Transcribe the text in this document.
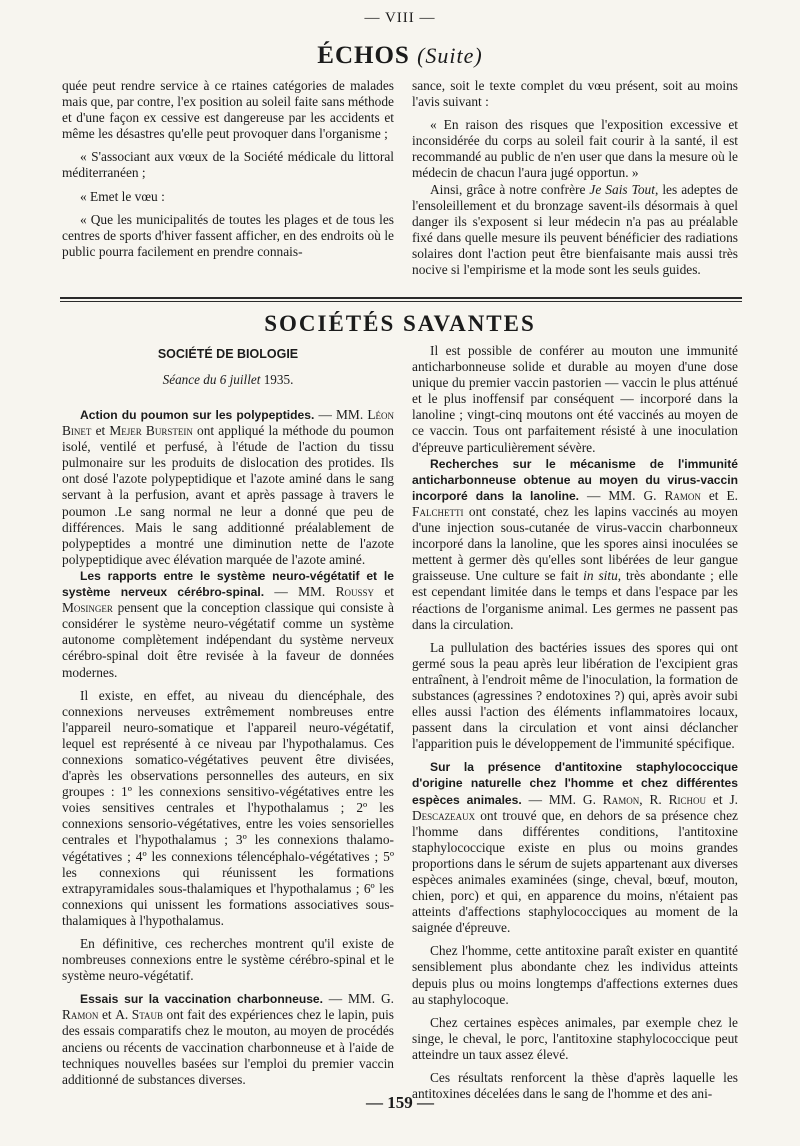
— VIII —
ÉCHOS (Suite)

quée peut rendre service à ce rtaines catégories de malades mais que, par contre, l'ex position au soleil faite sans méthode et d'une façon ex cessive est dangereuse par les accidents et même les désastres qu'elle peut provoquer dans l'organisme ;

« S'associant aux vœux de la Société médicale du littoral méditerranéen ;

« Emet le vœu :

« Que les municipalités de toutes les plages et de tous les centres de sports d'hiver fassent afficher, en des endroits où le public pourra facilement en prendre connais-

sance, soit le texte complet du vœu présent, soit au moins l'avis suivant :

« En raison des risques que l'exposition excessive et inconsidérée du corps au soleil fait courir à la santé, il est recommandé au public de n'en user que dans la mesure où le médecin de chacun l'aura jugé opportun. »

Ainsi, grâce à notre confrère Je Sais Tout, les adeptes de l'ensoleillement et du bronzage savent-ils désormais à quel danger ils s'exposent si leur médecin n'a pas au préalable fixé dans quelle mesure ils peuvent bénéficier des radiations solaires dont l'action peut être bienfaisante mais aussi très nocive si l'empirisme et la mode sont les seuls guides.

SOCIÉTÉS SAVANTES
SOCIÉTÉ DE BIOLOGIE
Séance du 6 juillet 1935.

Action du poumon sur les polypeptides. — MM. Léon Binet et Mejer Burstein ont appliqué la méthode du poumon isolé, ventilé et perfusé, à l'étude de l'action du tissu pulmonaire sur les produits de dislocation des protides. Ils ont dosé l'azote polypeptidique et l'azote aminé dans le sang servant à la perfusion, avant et après passage à travers le poumon .Le sang normal ne leur a donné que peu de différences. Mais le sang additionné préalablement de polypeptides a montré une diminution nette de l'azote polypeptidique avec élévation marquée de l'azote aminé.

Les rapports entre le système neuro-végétatif et le système nerveux cérébro-spinal. — MM. Roussy et Mosinger pensent que la conception classique qui consiste à considérer le système neuro-végétatif comme un système autonome complètement indépendant du système nerveux cérébro-spinal doit être revisée à la faveur de données modernes.

Il existe, en effet, au niveau du diencéphale, des connexions nerveuses extrêmement nombreuses entre l'appareil neuro-somatique et l'appareil neuro-végétatif, lequel est représenté à ce niveau par l'hypothalamus. Ces connexions somatico-végétatives peuvent être divisées, d'après les observations personnelles des auteurs, en six groupes : 1º les connexions sensitivo-végétatives entre les voies sensitives centrales et l'hypothalamus ; 2º les connexions sensorio-végétatives, entre les voies sensorielles centrales et l'hypothalamus ; 3º les connexions thalamo-végétatives ; 4º les connexions télencéphalo-végétatives ; 5º les connexions qui réunissent les formations extrapyramidales sous-thalamiques et l'hypothalamus ; 6º les connexions qui unissent les formations associatives sous-thalamiques à l'hypothalamus.

En définitive, ces recherches montrent qu'il existe de nombreuses connexions entre le système cérébro-spinal et le système neuro-végétatif.

Essais sur la vaccination charbonneuse. — MM. G. Ramon et A. Staub ont fait des expériences chez le lapin, puis des essais comparatifs chez le mouton, au moyen de procédés anciens ou récents de vaccination charbonneuse et à l'aide de techniques nouvelles basées sur l'emploi du premier vaccin additionné de substances diverses.

Il est possible de conférer au mouton une immunité anticharbonneuse solide et durable au moyen d'une dose unique du premier vaccin pastorien — vaccin le plus atténué et le plus inoffensif par conséquent — incorporé dans la lanoline ; vingt-cinq moutons ont été vaccinés au moyen de ce vaccin. Tous ont parfaitement résisté à une inoculation d'épreuve particulièrement sévère.

Recherches sur le mécanisme de l'immunité anticharbonneuse obtenue au moyen du virus-vaccin incorporé dans la lanoline. — MM. G. Ramon et E. Falchetti ont constaté, chez les lapins vaccinés au moyen d'une injection sous-cutanée de virus-vaccin charbonneux incorporé dans la lanoline, que les spores ainsi inoculées se mettent à germer dès qu'elles sont libérées de leur gangue graisseuse. Une culture se fait in situ, très abondante ; elle est cependant limitée dans le temps et dans l'espace par les réactions de l'organisme animal. Les germes ne passent pas dans la circulation.

La pullulation des bactéries issues des spores qui ont germé sous la peau après leur libération de l'excipient gras entraînent, à l'endroit même de l'inoculation, la formation de substances (agressines ? endotoxines ?) qui, après avoir subi elles aussi l'action des éléments inflammatoires locaux, passent dans la circulation et vont ainsi déclancher l'apparition puis le développement de l'immunité spécifique.

Sur la présence d'antitoxine staphylococcique d'origine naturelle chez l'homme et chez différentes espèces animales. — MM. G. Ramon, R. Richou et J. Descazeaux ont trouvé que, en dehors de sa présence chez l'homme dans différentes conditions, l'antitoxine staphylococcique existe en plus ou moins grandes proportions dans le sérum de sujets appartenant aux diverses espèces animales examinées (singe, cheval, bœuf, mouton, chien, porc) et qui, en apparence du moins, n'étaient pas atteints d'affections staphylococciques au moment de la saignée d'épreuve.

Chez l'homme, cette antitoxine paraît exister en quantité sensiblement plus abondante chez les individus atteints depuis plus ou moins longtemps d'affections externes dues au staphylocoque.

Chez certaines espèces animales, par exemple chez le singe, le cheval, le porc, l'antitoxine staphylococcique peut atteindre un taux assez élevé.

Ces résultats renforcent la thèse d'après laquelle les antitoxines décelées dans le sang de l'homme et des ani-

— 159 —
